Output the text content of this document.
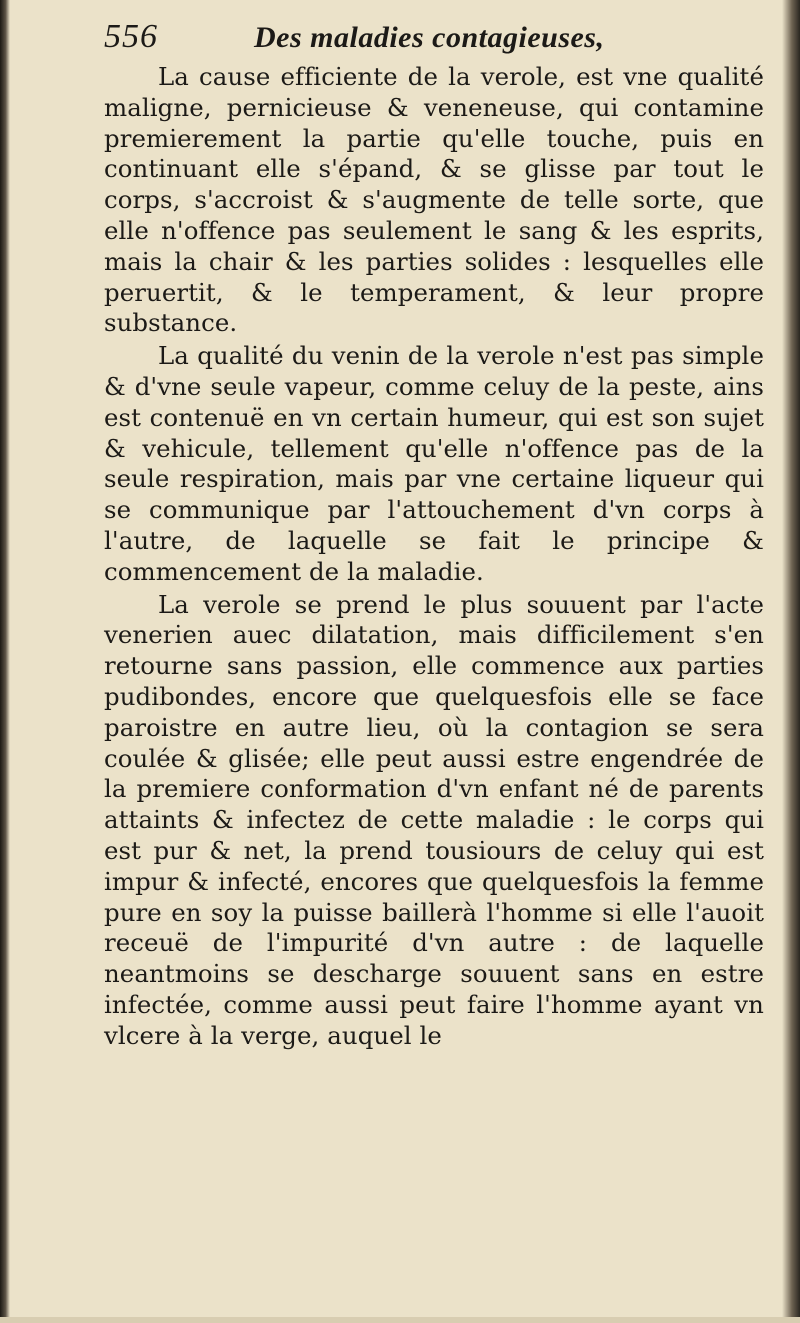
556	Des maladies contagieuses,

La cause efficiente de la verole, est vne qualité maligne, pernicieuse & veneneuse, qui contamine premierement la partie qu'elle touche, puis en continuant elle s'épand, & se glisse par tout le corps, s'accroist & s'augmente de telle sorte, que elle n'offence pas seulement le sang & les esprits, mais la chair & les parties solides : lesquelles elle peruertit, & le temperament, & leur propre substance.

La qualité du venin de la verole n'est pas simple & d'vne seule vapeur, comme celuy de la peste, ains est contenuë en vn certain humeur, qui est son sujet & vehicule, tellement qu'elle n'offence pas de la seule respiration, mais par vne certaine liqueur qui se communique par l'attouchement d'vn corps à l'autre, de laquelle se fait le principe & commencement de la maladie.

La verole se prend le plus souuent par l'acte venerien auec dilatation, mais difficilement s'en retourne sans passion, elle commence aux parties pudibondes, encore que quelquesfois elle se face paroistre en autre lieu, où la contagion se sera coulée & glisée; elle peut aussi estre engendrée de la premiere conformation d'vn enfant né de parents attaints & infectez de cette maladie : le corps qui est pur & net, la prend tousiours de celuy qui est impur & infecté, encores que quelquesfois la femme pure en soy la puisse baillerà l'homme si elle l'auoit receuë de l'impurité d'vn autre : de laquelle neantmoins se descharge souuent sans en estre infectée, comme aussi peut faire l'homme ayant vn vlcere à la verge, auquel le
